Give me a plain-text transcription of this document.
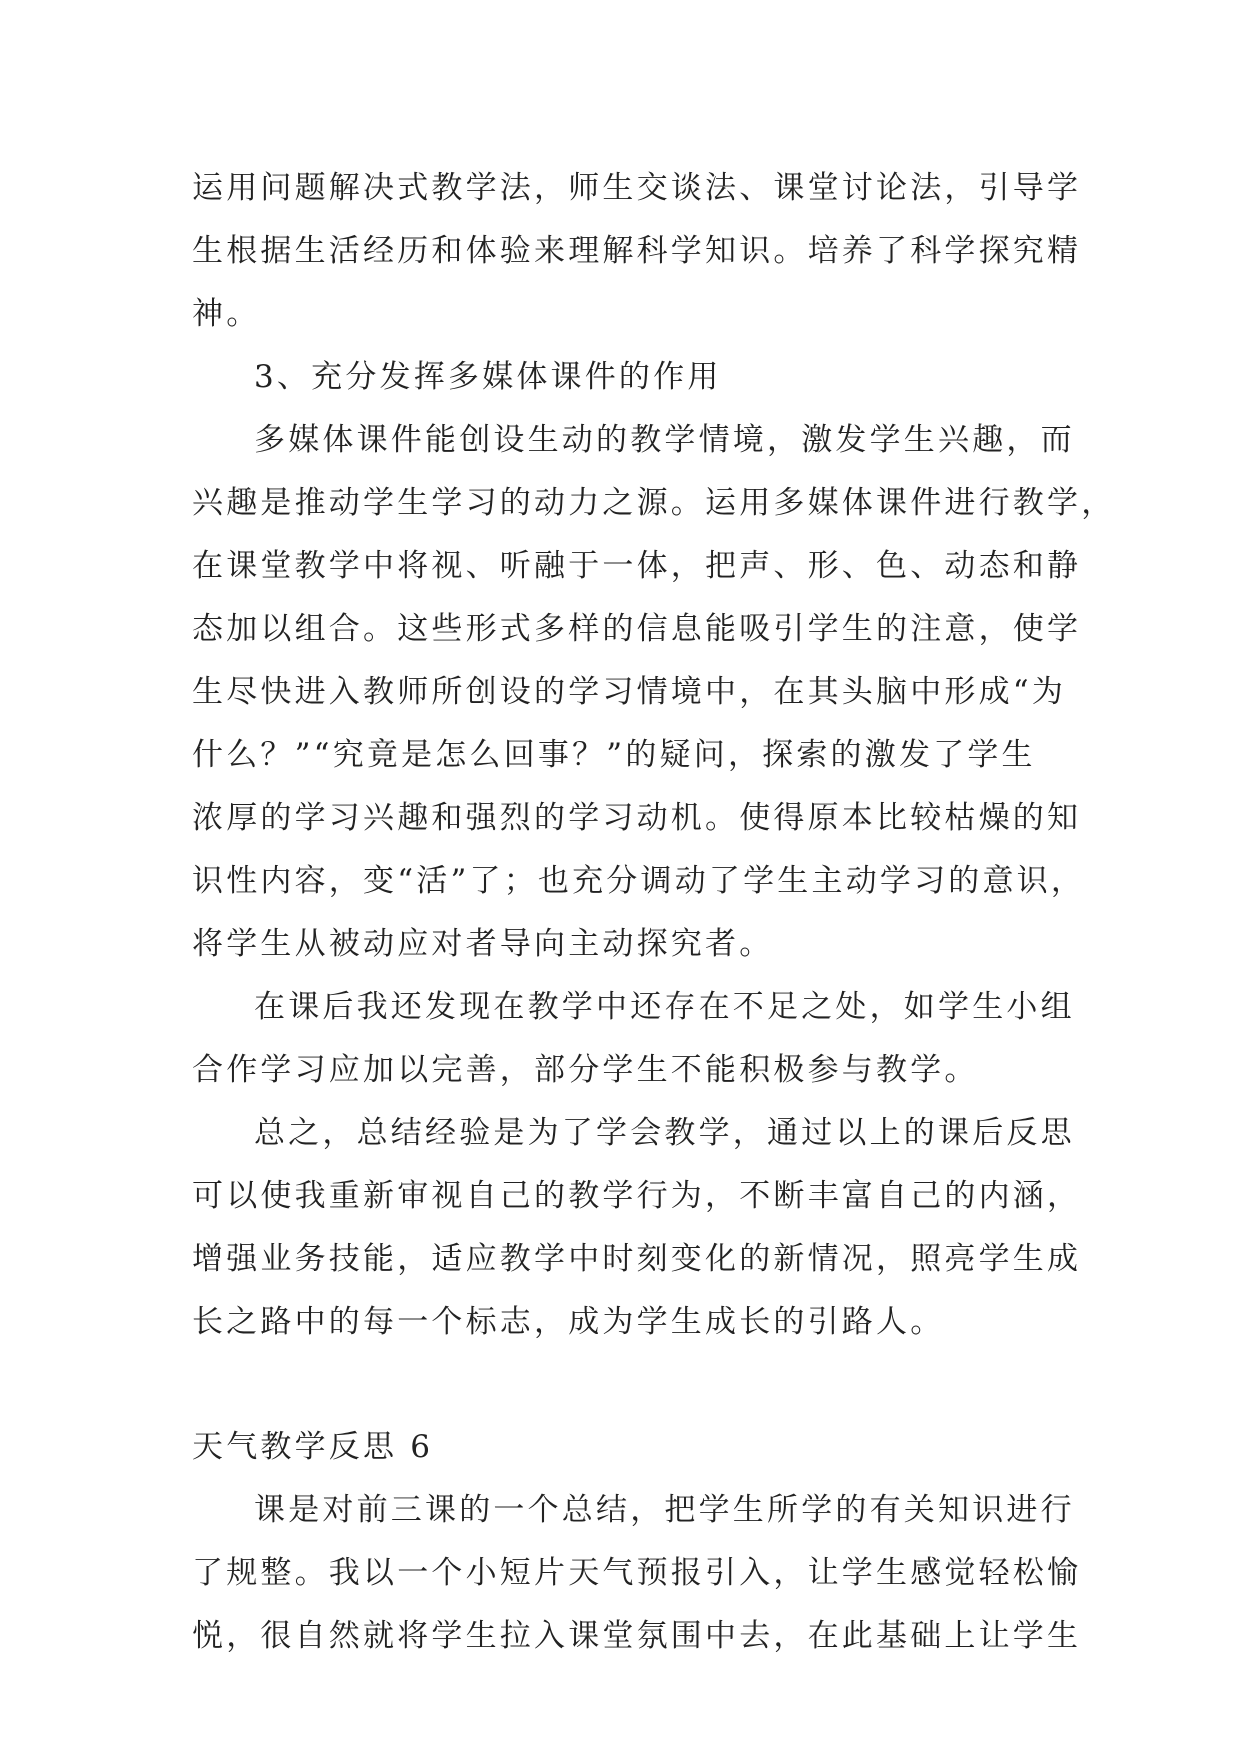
运用问题解决式教学法，师生交谈法、课堂讨论法，引导学
生根据生活经历和体验来理解科学知识。培养了科学探究精
神。
3、充分发挥多媒体课件的作用
多媒体课件能创设生动的教学情境，激发学生兴趣，而
兴趣是推动学生学习的动力之源。运用多媒体课件进行教学，
在课堂教学中将视、听融于一体，把声、形、色、动态和静
态加以组合。这些形式多样的信息能吸引学生的注意，使学
生尽快进入教师所创设的学习情境中，在其头脑中形成“为
什么？”“究竟是怎么回事？”的疑问，探索的激发了学生
浓厚的学习兴趣和强烈的学习动机。使得原本比较枯燥的知
识性内容，变“活”了；也充分调动了学生主动学习的意识，
将学生从被动应对者导向主动探究者。
在课后我还发现在教学中还存在不足之处，如学生小组
合作学习应加以完善，部分学生不能积极参与教学。
总之，总结经验是为了学会教学，通过以上的课后反思
可以使我重新审视自己的教学行为，不断丰富自己的内涵，
增强业务技能，适应教学中时刻变化的新情况，照亮学生成
长之路中的每一个标志，成为学生成长的引路人。
天气教学反思 6
课是对前三课的一个总结，把学生所学的有关知识进行
了规整。我以一个小短片天气预报引入，让学生感觉轻松愉
悦，很自然就将学生拉入课堂氛围中去，在此基础上让学生
